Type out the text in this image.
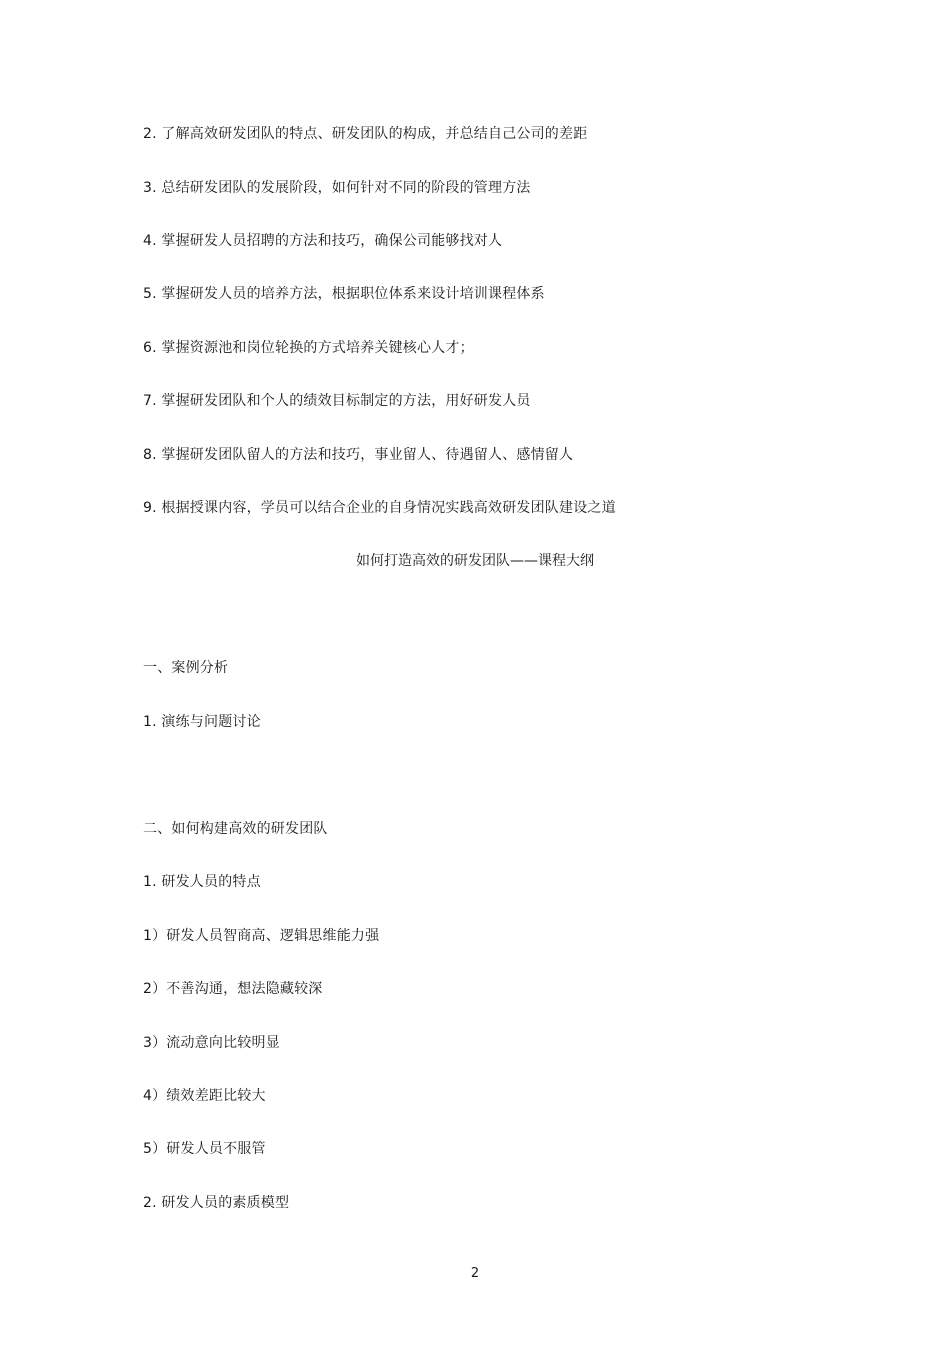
2. 了解高效研发团队的特点、研发团队的构成，并总结自己公司的差距
3. 总结研发团队的发展阶段，如何针对不同的阶段的管理方法
4. 掌握研发人员招聘的方法和技巧，确保公司能够找对人
5. 掌握研发人员的培养方法，根据职位体系来设计培训课程体系
6. 掌握资源池和岗位轮换的方式培养关键核心人才；
7. 掌握研发团队和个人的绩效目标制定的方法，用好研发人员
8. 掌握研发团队留人的方法和技巧，事业留人、待遇留人、感情留人
9. 根据授课内容，学员可以结合企业的自身情况实践高效研发团队建设之道
如何打造高效的研发团队——课程大纲
一、案例分析
1. 演练与问题讨论
二、如何构建高效的研发团队
1. 研发人员的特点
1）研发人员智商高、逻辑思维能力强
2）不善沟通，想法隐藏较深
3）流动意向比较明显
4）绩效差距比较大
5）研发人员不服管
2. 研发人员的素质模型
2
